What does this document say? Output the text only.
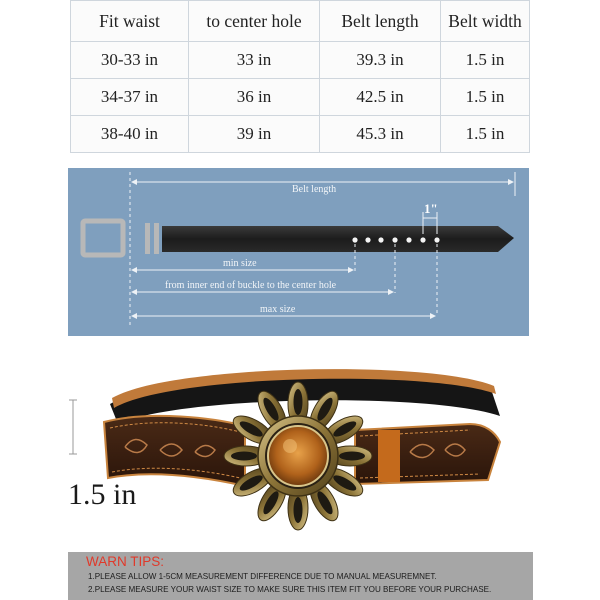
Fit waist	to center hole	Belt length	Belt width
30-33 in	33 in	39.3 in	1.5 in
34-37 in	36 in	42.5 in	1.5 in
38-40 in	39 in	45.3 in	1.5 in
Belt length
1"
min size
from inner end of buckle to the center hole
max size
1.5 in
WARN TIPS:
1.PLEASE ALLOW 1-5CM MEASUREMENT DIFFERENCE DUE TO MANUAL MEASUREMNET.
2.PLEASE MEASURE YOUR WAIST SIZE TO MAKE SURE THIS ITEM FIT YOU BEFORE YOUR PURCHASE.
